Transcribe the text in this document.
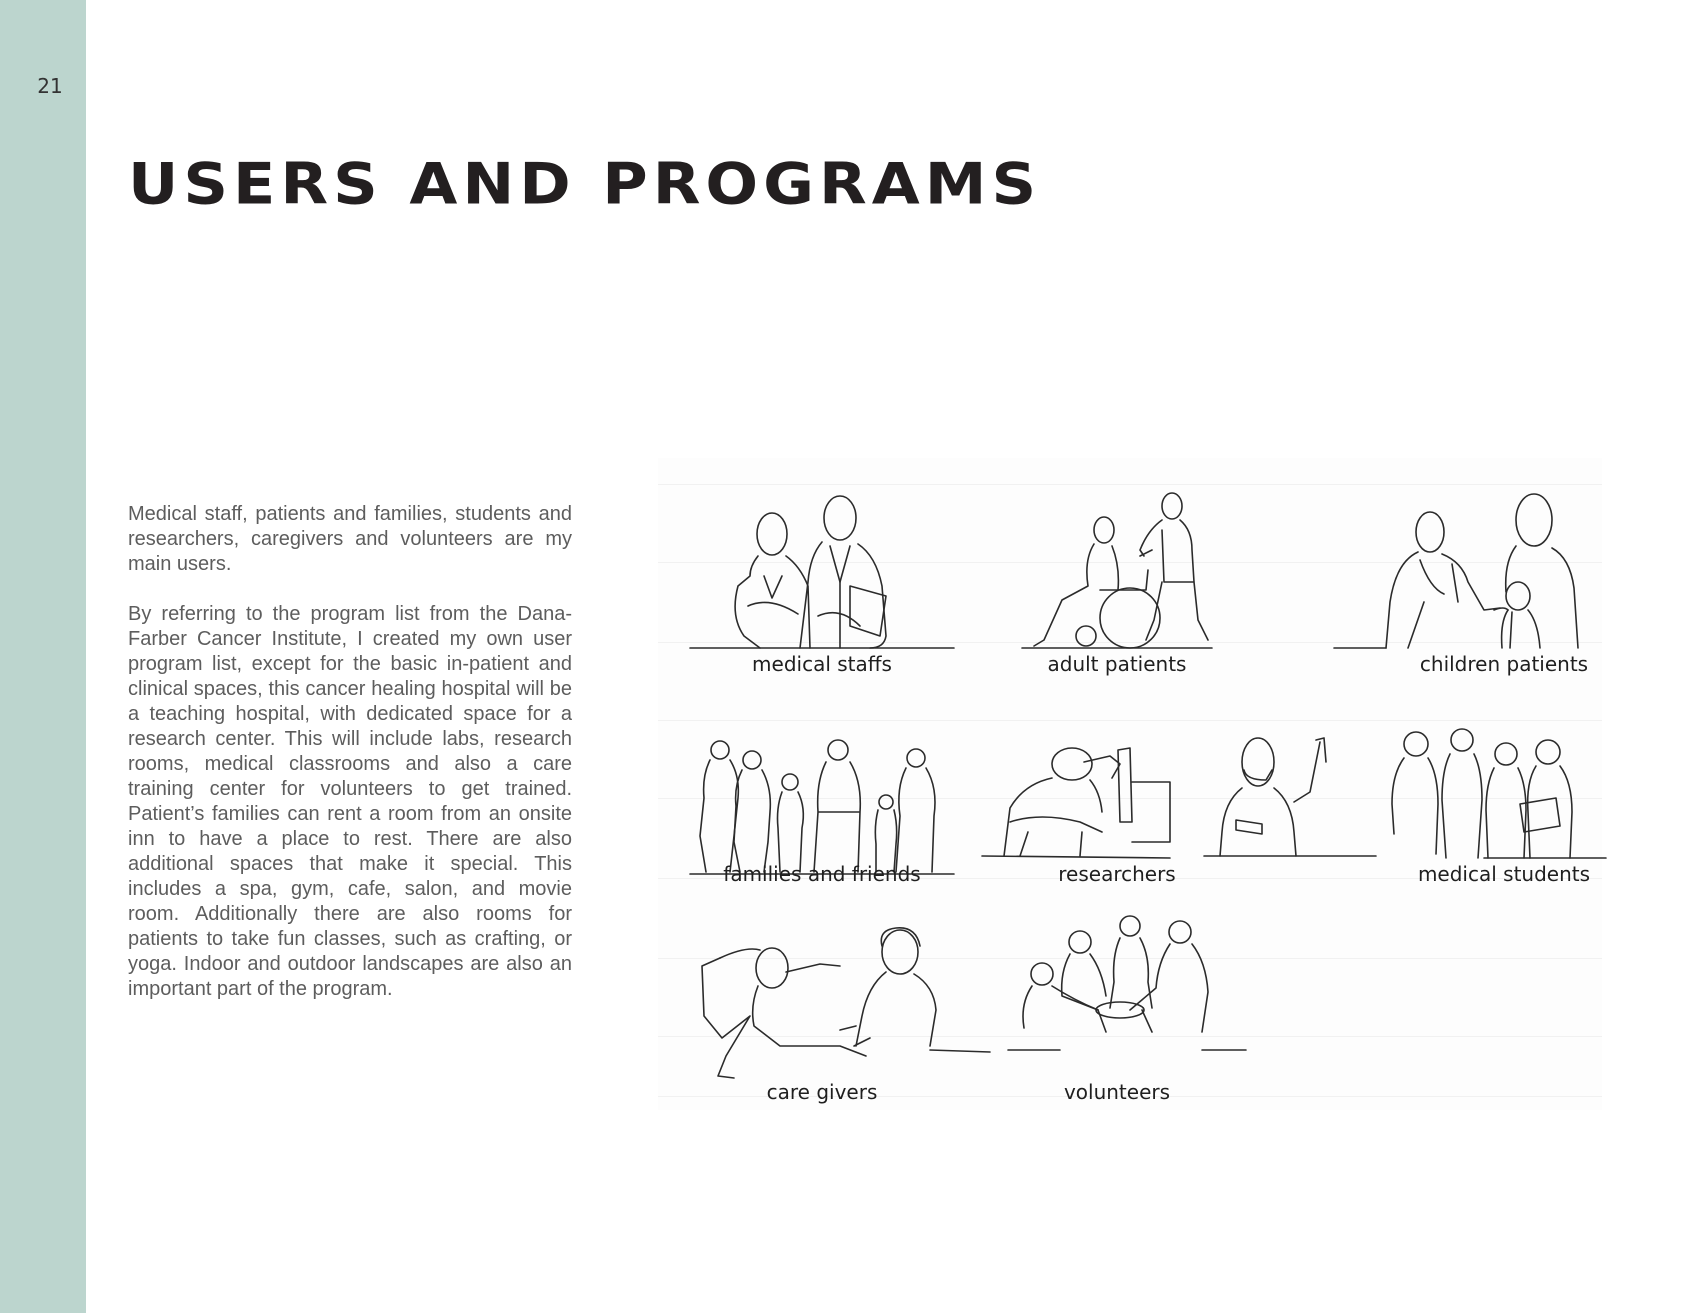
21
USERS AND PROGRAMS

Medical staff, patients and families, students and researchers, caregivers and volunteers are my main users.

By referring to the program list from the Dana-Farber Cancer Institute, I created my own user program list, except for the basic in-patient and clinical spaces, this cancer healing hospital will be a teaching hospital, with dedicated space for a research center. This will include labs, research rooms, medical classrooms and also a care training center for volunteers to get trained. Patient’s families can rent a room from an onsite inn to have a place to rest. There are also additional spaces that make it special. This includes a spa, gym, cafe, salon, and movie room. Additionally there are also rooms for patients to take fun classes, such as crafting, or yoga. Indoor and outdoor landscapes are also an important part of the program.

medical staffs	adult patients	children patients
families and friends	researchers	medical students
care givers	volunteers
